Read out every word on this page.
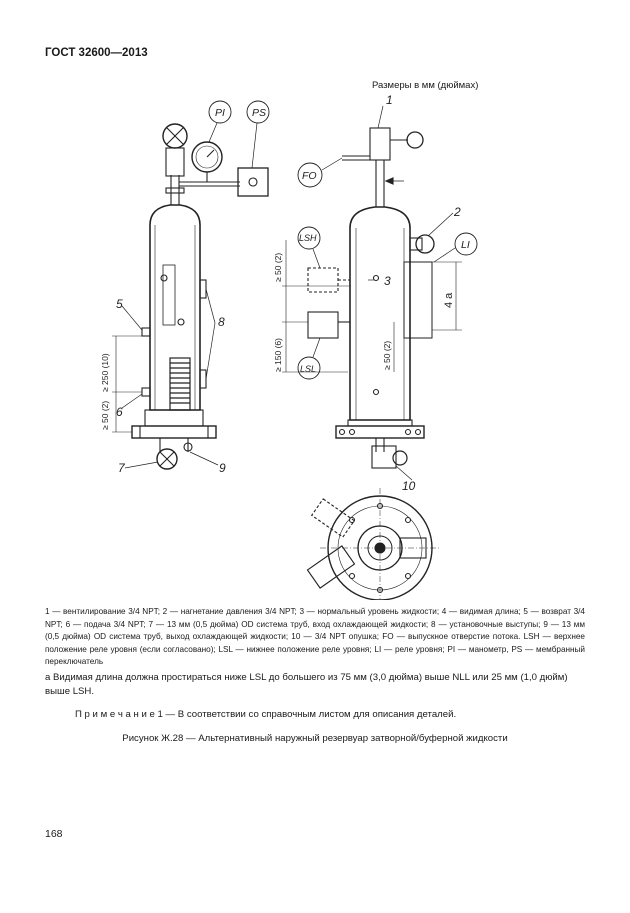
ГОСТ 32600—2013
Размеры в мм (дюймах)
PI	PS
FO
LSH
LSL
LI
1
2
3
5
6
7
8
9
10
≥ 250 (10)
≥ 50 (2)
≥ 50 (2)
≥ 150 (6)	≥ 50 (2)
4 а

1 — вентилирование 3/4 NPT; 2 — нагнетание давления 3/4 NPT; 3 — нормальный уровень жидкости; 4 — видимая длина; 5 — возврат 3/4 NPT; 6 — подача 3/4 NPT; 7 — 13 мм (0,5 дюйма) OD система труб, вход охлаждающей жидкости; 8 — установочные выступы; 9 — 13 мм (0,5 дюйма) OD система труб, выход охлаждающей жидкости; 10 — 3/4 NPT опушка; FO — выпускное отверстие потока. LSH — верхнее положение реле уровня (если согласовано); LSL — нижнее положение реле уровня; LI — реле уровня; PI — манометр, PS — мембранный переключатель

а Видимая длина должна простираться ниже LSL до большего из 75 мм (3,0 дюйма) выше NLL или 25 мм (1,0 дюйм) выше LSH.
П р и м е ч а н и е 1 — В соответствии со справочным листом для описания деталей.
Рисунок Ж.28 — Альтернативный наружный резервуар затворной/буферной жидкости
168
